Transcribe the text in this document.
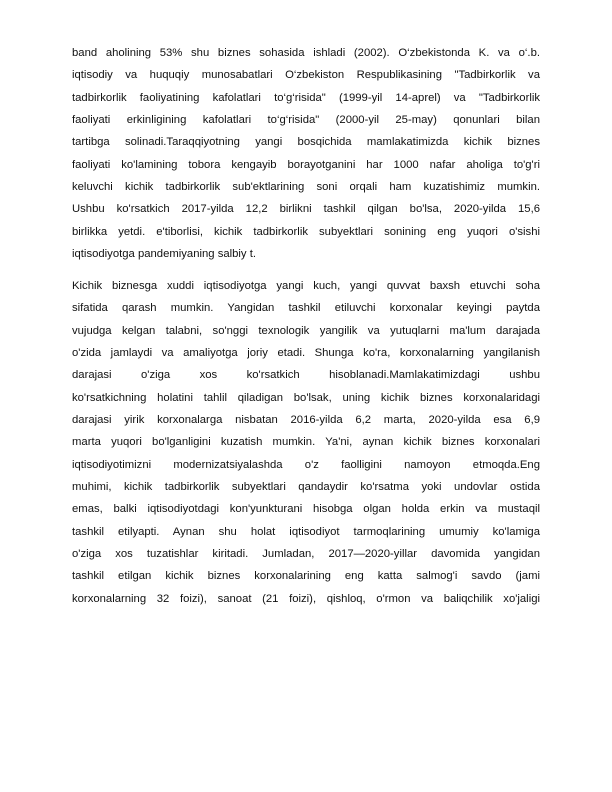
band aholining 53% shu biznes sohasida ishladi (2002). O‘zbekistonda K. va o‘.b.
iqtisodiy va huquqiy munosabatlari O‘zbekiston Respublikasining "Tadbirkorlik va
tadbirkorlik faoliyatining kafolatlari to‘g‘risida" (1999-yil 14-aprel) va "Tadbirkorlik
faoliyati erkinligining kafolatlari to‘g‘risida" (2000-yil 25-may) qonunlari bilan
tartibga solinadi.Taraqqiyotning yangi bosqichida mamlakatimizda kichik biznes
faoliyati ko'lamining tobora kengayib borayotganini har 1000 nafar aholiga to'g'ri
keluvchi kichik tadbirkorlik sub'ektlarining soni orqali ham kuzatishimiz mumkin.
Ushbu ko'rsatkich 2017-yilda 12,2 birlikni tashkil qilgan bo'lsa, 2020-yilda 15,6
birlikka yetdi. e'tiborlisi, kichik tadbirkorlik subyektlari sonining eng yuqori o'sishi
iqtisodiyotga pandemiyaning salbiy t.
Kichik biznesga xuddi iqtisodiyotga yangi kuch, yangi quvvat baxsh etuvchi soha
sifatida qarash mumkin. Yangidan tashkil etiluvchi korxonalar keyingi paytda
vujudga kelgan talabni, so'nggi texnologik yangilik va yutuqlarni ma'lum darajada
o'zida jamlaydi va amaliyotga joriy etadi. Shunga ko'ra, korxonalarning yangilanish
darajasi o'ziga xos ko'rsatkich hisoblanadi.Mamlakatimizdagi ushbu
ko'rsatkichning holatini tahlil qiladigan bo'lsak, uning kichik biznes korxonalaridagi
darajasi yirik korxonalarga nisbatan 2016-yilda 6,2 marta, 2020-yilda esa 6,9
marta yuqori bo'lganligini kuzatish mumkin. Ya'ni, aynan kichik biznes korxonalari
iqtisodiyotimizni modernizatsiyalashda o'z faolligini namoyon etmoqda.Eng
muhimi, kichik tadbirkorlik subyektlari qandaydir ko'rsatma yoki undovlar ostida
emas, balki iqtisodiyotdagi kon'yunkturani hisobga olgan holda erkin va mustaqil
tashkil etilyapti. Aynan shu holat iqtisodiyot tarmoqlarining umumiy ko'lamiga
o'ziga xos tuzatishlar kiritadi. Jumladan, 2017—2020-yillar davomida yangidan
tashkil etilgan kichik biznes korxonalarining eng katta salmog'i savdo (jami
korxonalarning 32 foizi), sanoat (21 foizi), qishloq, o'rmon va baliqchilik xo'jaligi
